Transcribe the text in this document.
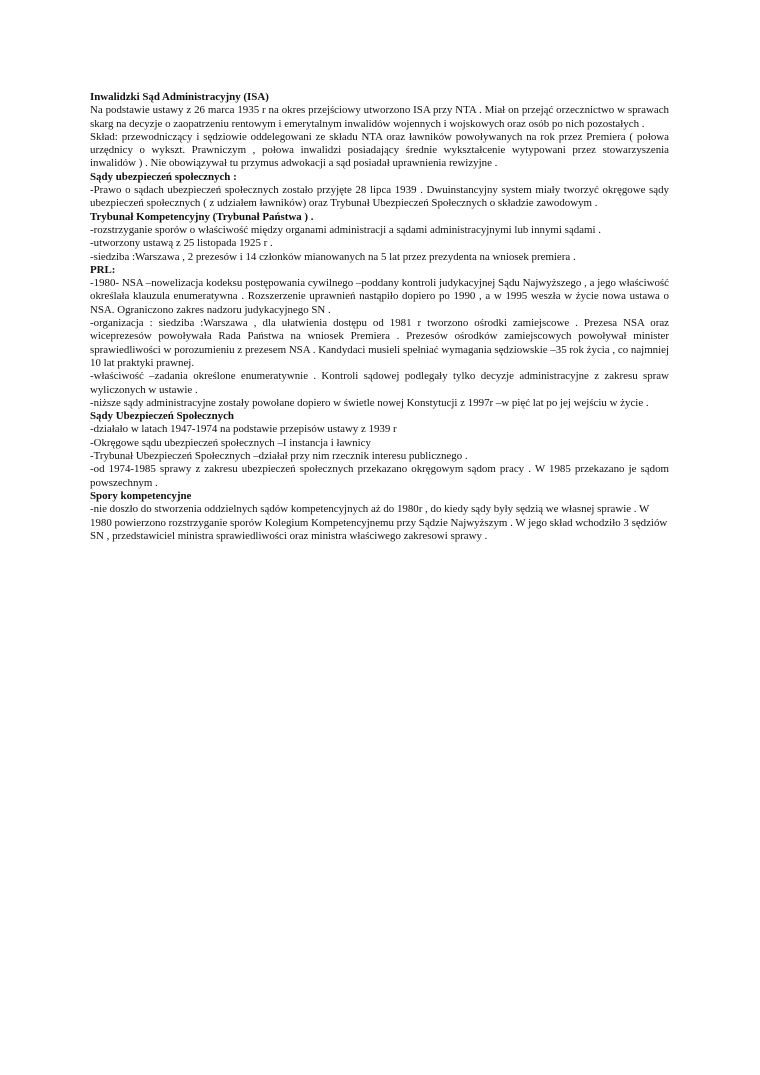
Inwalidzki Sąd Administracyjny (ISA)

Na podstawie ustawy z 26 marca 1935 r na okres przejściowy utworzono ISA przy NTA . Miał on przejąć orzecznictwo w sprawach skarg na decyzje o zaopatrzeniu rentowym i emerytalnym inwalidów wojennych i wojskowych oraz osób po nich pozostałych .

Skład: przewodniczący i sędziowie oddelegowani ze składu NTA oraz ławników powoływanych na rok przez Premiera ( połowa urzędnicy o wykszt. Prawniczym , połowa inwalidzi posiadający średnie wykształcenie wytypowani przez stowarzyszenia inwalidów ) . Nie obowiązywał tu przymus adwokacji a sąd posiadał uprawnienia rewizyjne .

Sądy ubezpieczeń społecznych :

-Prawo o sądach ubezpieczeń społecznych zostało przyjęte 28 lipca 1939 . Dwuinstancyjny system miały tworzyć okręgowe sądy ubezpieczeń społecznych ( z udziałem ławników) oraz Trybunał Ubezpieczeń Społecznych o składzie zawodowym .

Trybunał Kompetencyjny (Trybunał Państwa ) .

-rozstrzyganie sporów o właściwość między organami administracji a sądami administracyjnymi lub innymi sądami .

-utworzony ustawą z 25 listopada 1925 r .

-siedziba :Warszawa , 2 prezesów i 14 członków mianowanych na 5 lat przez prezydenta na wniosek premiera .

PRL:

-1980- NSA –nowelizacja kodeksu postępowania cywilnego –poddany kontroli judykacyjnej Sądu Najwyższego , a jego właściwość określała klauzula enumeratywna . Rozszerzenie uprawnień nastąpiło dopiero po 1990 , a w 1995 weszła w życie nowa ustawa o NSA. Ograniczono zakres nadzoru judykacyjnego SN .

-organizacja : siedziba :Warszawa , dla ułatwienia dostępu od 1981 r tworzono ośrodki zamiejscowe . Prezesa NSA oraz wiceprezesów powoływała Rada Państwa na wniosek Premiera . Prezesów ośrodków zamiejscowych powoływał minister sprawiedliwości w porozumieniu z prezesem NSA . Kandydaci musieli spełniać wymagania sędziowskie –35 rok życia , co najmniej 10 lat praktyki prawnej.

-właściwość –zadania określone enumeratywnie . Kontroli sądowej podlegały tylko decyzje administracyjne z zakresu spraw wyliczonych w ustawie .

-niższe sądy administracyjne zostały powołane dopiero w świetle nowej Konstytucji z 1997r –w pięć lat po jej wejściu w życie .

Sądy Ubezpieczeń Społecznych

-działało w latach 1947-1974 na podstawie przepisów ustawy z 1939 r

-Okręgowe sądu ubezpieczeń społecznych –I instancja i ławnicy

-Trybunał Ubezpieczeń Społecznych –działał przy nim rzecznik interesu publicznego .

-od 1974-1985 sprawy z zakresu ubezpieczeń społecznych przekazano okręgowym sądom pracy . W 1985 przekazano je sądom powszechnym .

Spory kompetencyjne

-nie doszło do stworzenia oddzielnych sądów kompetencyjnych aż do 1980r , do kiedy sądy były sędzią we własnej sprawie . W 1980 powierzono rozstrzyganie sporów Kolegium Kompetencyjnemu przy Sądzie Najwyższym . W jego skład wchodziło 3 sędziów SN , przedstawiciel ministra sprawiedliwości oraz ministra właściwego zakresowi sprawy .
